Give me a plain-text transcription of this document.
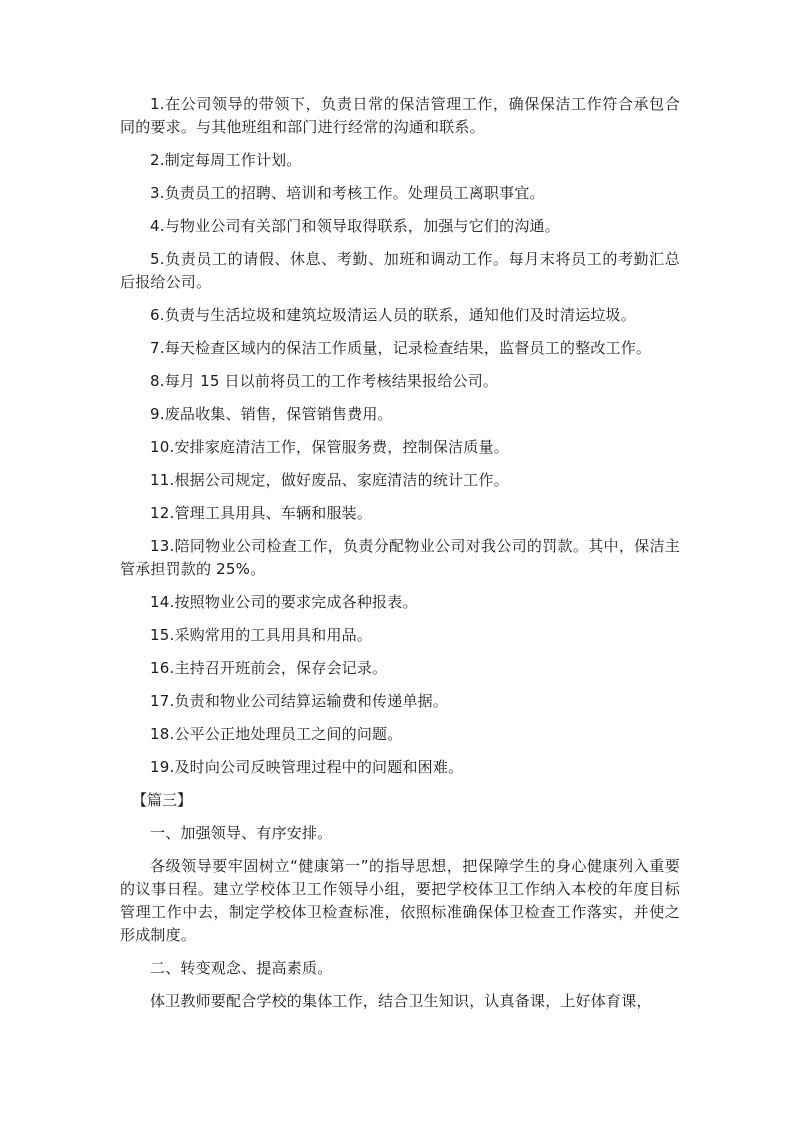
1.在公司领导的带领下，负责日常的保洁管理工作，确保保洁工作符合承包合同的要求。与其他班组和部门进行经常的沟通和联系。

2.制定每周工作计划。

3.负责员工的招聘、培训和考核工作。处理员工离职事宜。

4.与物业公司有关部门和领导取得联系，加强与它们的沟通。

5.负责员工的请假、休息、考勤、加班和调动工作。每月末将员工的考勤汇总后报给公司。

6.负责与生活垃圾和建筑垃圾清运人员的联系，通知他们及时清运垃圾。

7.每天检查区域内的保洁工作质量，记录检查结果，监督员工的整改工作。

8.每月 15 日以前将员工的工作考核结果报给公司。

9.废品收集、销售，保管销售费用。

10.安排家庭清洁工作，保管服务费，控制保洁质量。

11.根据公司规定，做好废品、家庭清洁的统计工作。

12.管理工具用具、车辆和服装。

13.陪同物业公司检查工作，负责分配物业公司对我公司的罚款。其中，保洁主管承担罚款的 25%。

14.按照物业公司的要求完成各种报表。

15.采购常用的工具用具和用品。

16.主持召开班前会，保存会记录。

17.负责和物业公司结算运输费和传递单据。

18.公平公正地处理员工之间的问题。

19.及时向公司反映管理过程中的问题和困难。

【篇三】

一、加强领导、有序安排。

各级领导要牢固树立“健康第一”的指导思想，把保障学生的身心健康列入重要的议事日程。建立学校体卫工作领导小组，要把学校体卫工作纳入本校的年度目标管理工作中去，制定学校体卫检查标准，依照标准确保体卫检查工作落实，并使之形成制度。

二、转变观念、提高素质。

体卫教师要配合学校的集体工作，结合卫生知识，认真备课，上好体育课，
